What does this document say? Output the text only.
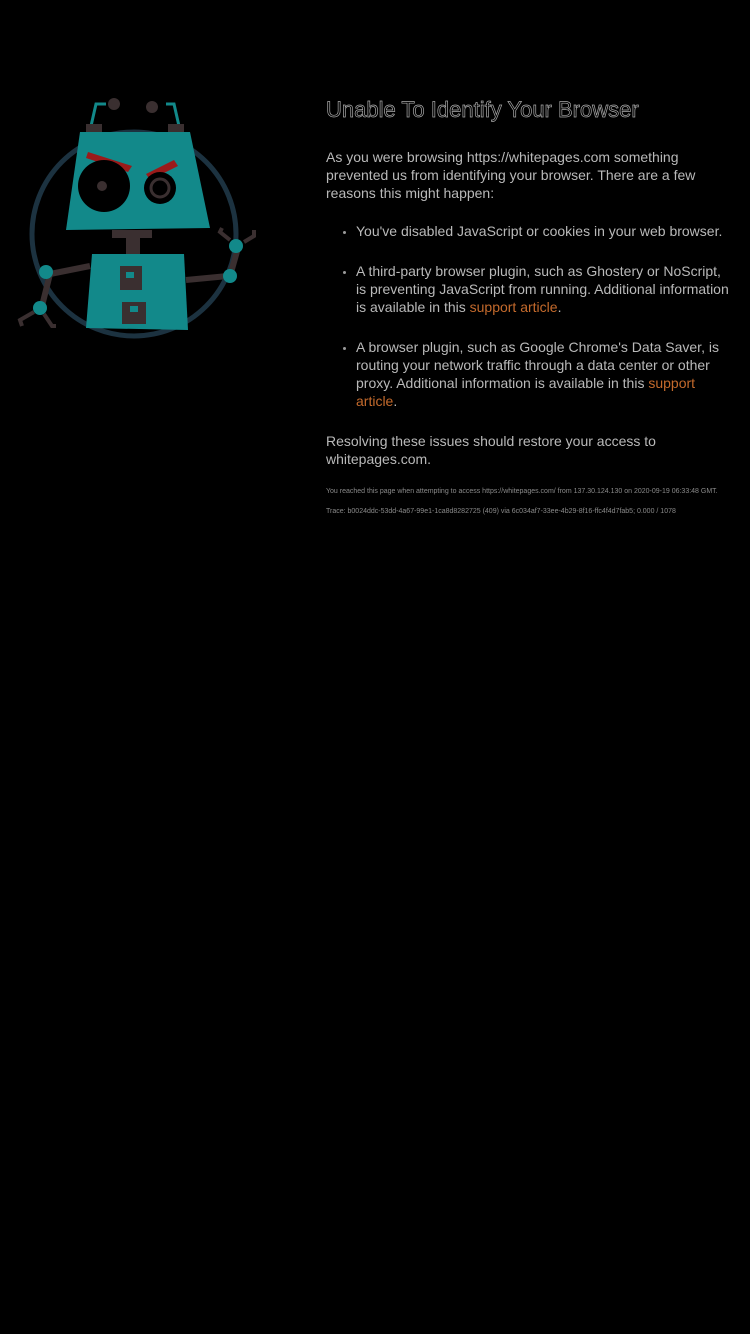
Unable To Identify Your Browser

As you were browsing https://whitepages.com something prevented us from identifying your browser. There are a few reasons this might happen:

• You've disabled JavaScript or cookies in your web browser.
• A third-party browser plugin, such as Ghostery or NoScript, is preventing JavaScript from running. Additional information is available in this support article.
• A browser plugin, such as Google Chrome's Data Saver, is routing your network traffic through a data center or other proxy. Additional information is available in this support article.

Resolving these issues should restore your access to whitepages.com.

You reached this page when attempting to access https://whitepages.com/ from 137.30.124.130 on 2020-09-19 06:33:48 GMT.

Trace: b0024ddc-53dd-4a67-99e1-1ca8d8282725 (409) via 6c034af7-33ee-4b29-8f16-ffc4f4d7fab5; 0.000 / 1078
